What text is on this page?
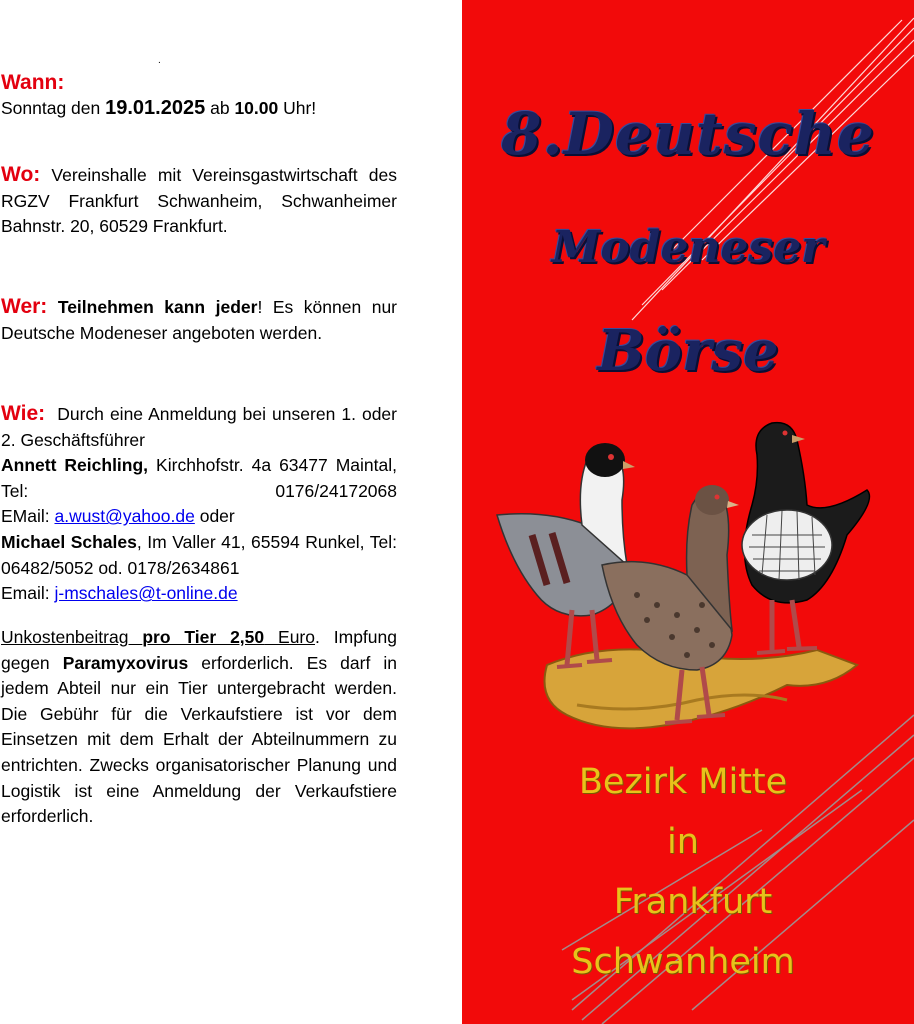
.
Wann:
Sonntag den 19.01.2025 ab 10.00 Uhr!
Wo: Vereinshalle mit Vereinsgastwirtschaft des RGZV Frankfurt Schwanheim, Schwanheimer Bahnstr. 20, 60529 Frankfurt.
Wer: Teilnehmen kann jeder! Es können nur Deutsche Modeneser angeboten werden.
Wie: Durch eine Anmeldung bei unseren 1. oder 2. Geschäftsführer
Annett Reichling, Kirchhofstr. 4a 63477 Maintal, Tel: 0176/24172068
EMail: a.wust@yahoo.de oder
Michael Schales, Im Valler 41, 65594 Runkel, Tel: 06482/5052 od. 0178/2634861
Email: j-mschales@t-online.de
Unkostenbeitrag pro Tier 2,50 Euro. Impfung gegen Paramyxovirus erforderlich. Es darf in jedem Abteil nur ein Tier untergebracht werden. Die Gebühr für die Verkaufstiere ist vor dem Einsetzen mit dem Erhalt der Abteilnummern zu entrichten. Zwecks organisatorischer Planung und Logistik ist eine Anmeldung der Verkaufstiere erforderlich.
8.Deutsche
Modeneser
Börse
Bezirk Mitte
in
Frankfurt
Schwanheim
